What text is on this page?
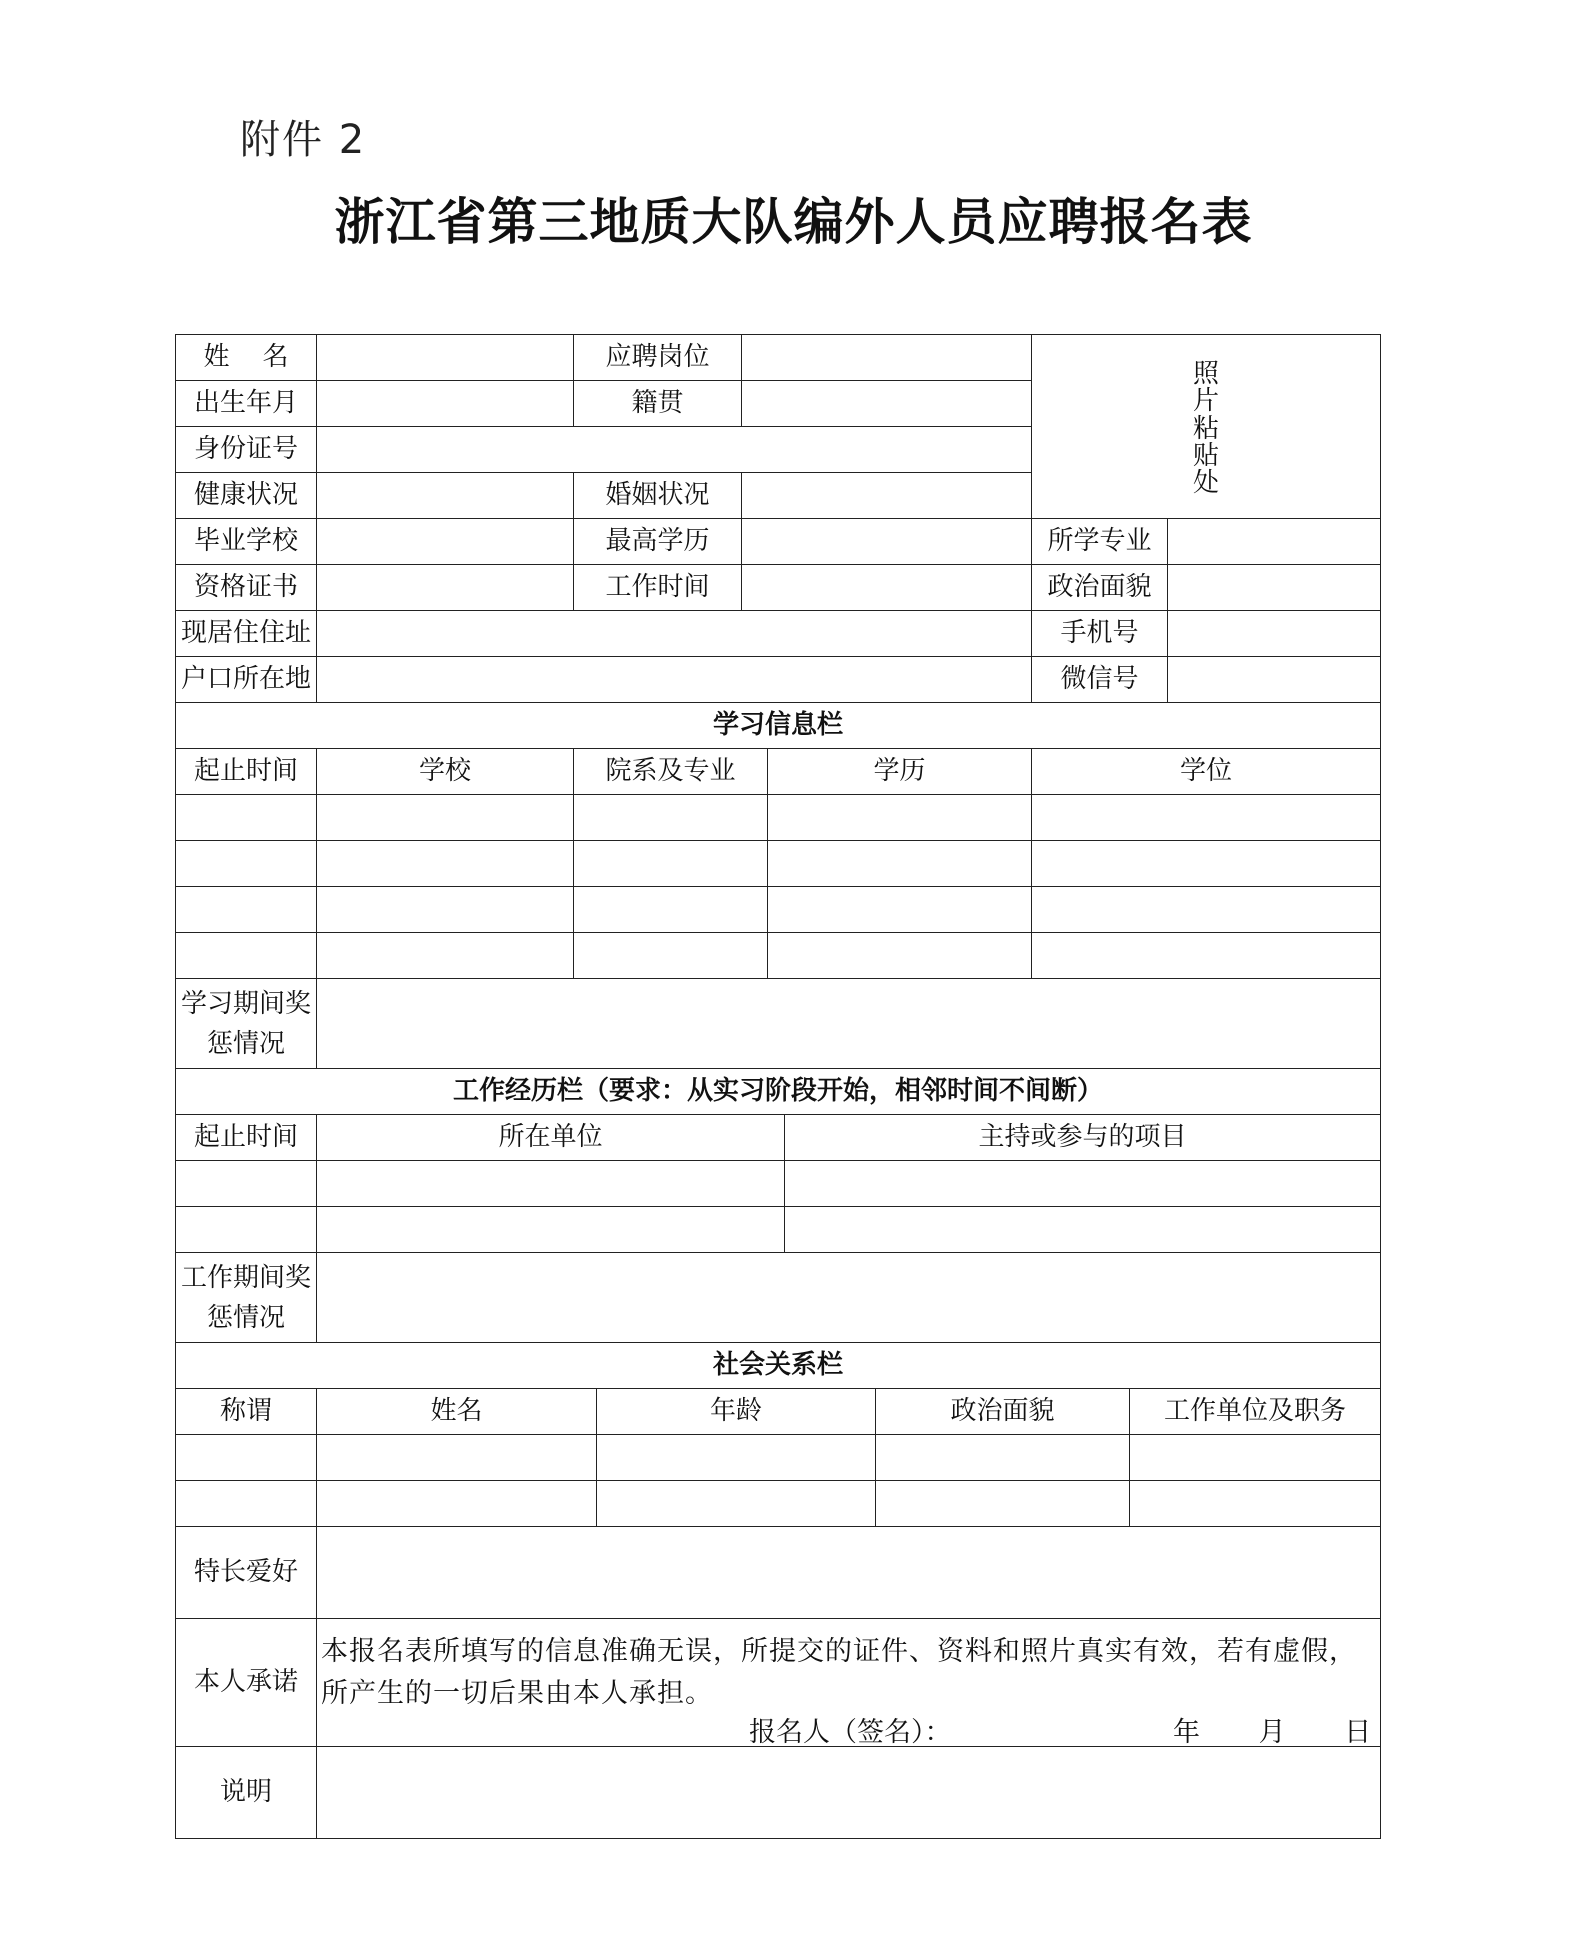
附件 2
浙江省第三地质大队编外人员应聘报名表
姓    名		应聘岗位		照片粘贴处	

出生年月		籍贯			
身份证号					
健康状况		婚姻状况			
毕业学校		最高学历		所学专业	
资格证书		工作时间		政治面貌	
现居住住址				手机号	
户口所在地				微信号	
学习信息栏				
起止时间	学校	院系及专业	学历	学位

学习期间奖惩情况				
工作经历栏（要求：从实习阶段开始，相邻时间不间断）		
起止时间	所在单位	主持或参与的项目

工作期间奖惩情况		
社会关系栏				
称谓	姓名	年龄	政治面貌	工作单位及职务

特长爱好				
本人承诺	本报名表所填写的信息准确无误，所提交的证件、资料和照片真实有效，若有虚假，所产生的一切后果由本人承担。
报名人（签名）： 年 月 日			

说明				
